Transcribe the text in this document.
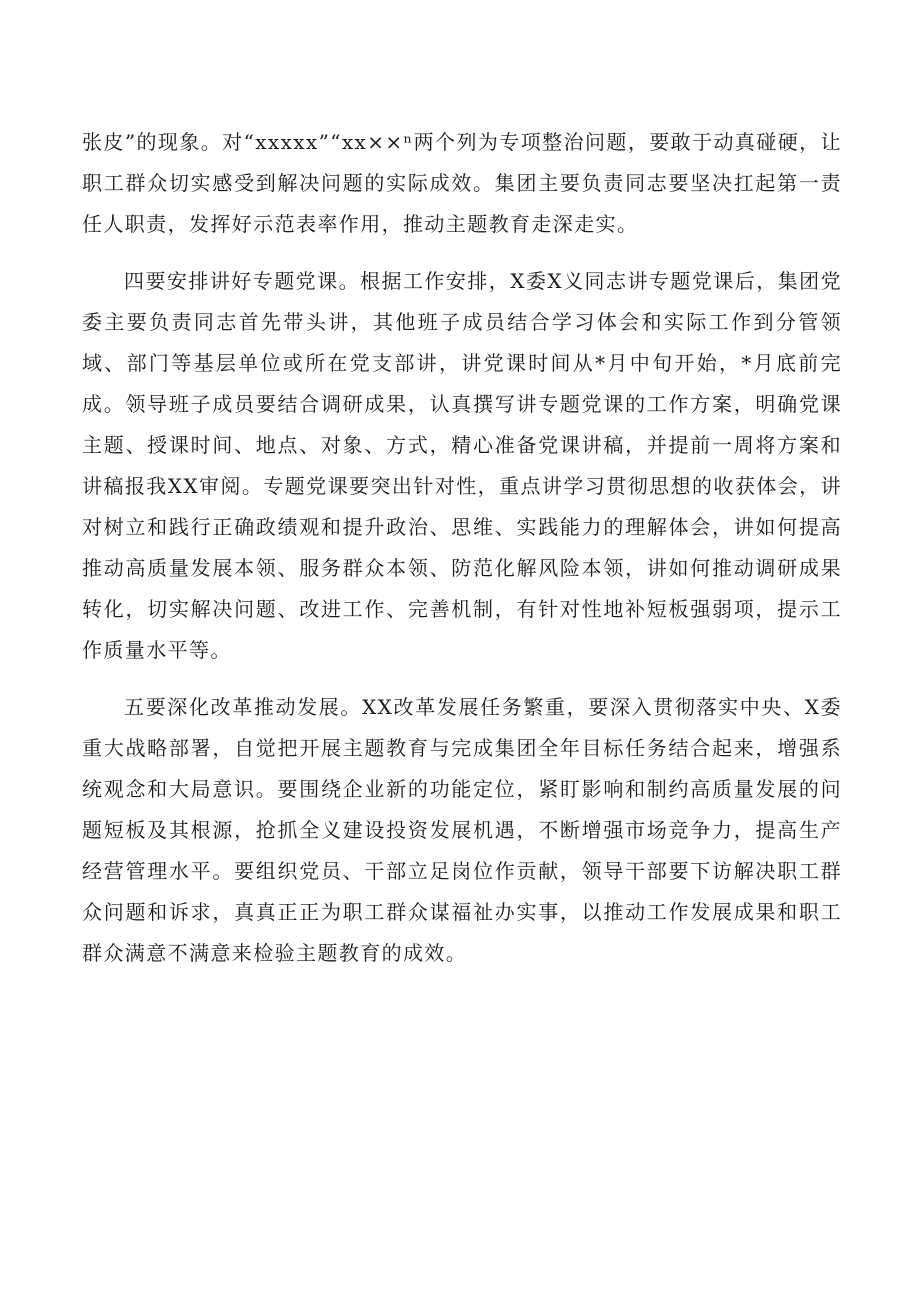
张皮”的现象。对“xxxxx”“xx××ⁿ两个列为专项整治问题，要敢于动真碰硬，让职工群众切实感受到解决问题的实际成效。集团主要负责同志要坚决扛起第一责任人职责，发挥好示范表率作用，推动主题教育走深走实。

四要安排讲好专题党课。根据工作安排，X委X义同志讲专题党课后，集团党委主要负责同志首先带头讲，其他班子成员结合学习体会和实际工作到分管领域、部门等基层单位或所在党支部讲，讲党课时间从*月中旬开始，*月底前完成。领导班子成员要结合调研成果，认真撰写讲专题党课的工作方案，明确党课主题、授课时间、地点、对象、方式，精心准备党课讲稿，并提前一周将方案和讲稿报我XX审阅。专题党课要突出针对性，重点讲学习贯彻思想的收获体会，讲对树立和践行正确政绩观和提升政治、思维、实践能力的理解体会，讲如何提高推动高质量发展本领、服务群众本领、防范化解风险本领，讲如何推动调研成果转化，切实解决问题、改进工作、完善机制，有针对性地补短板强弱项，提示工作质量水平等。

五要深化改革推动发展。XX改革发展任务繁重，要深入贯彻落实中央、X委重大战略部署，自觉把开展主题教育与完成集团全年目标任务结合起来，增强系统观念和大局意识。要围绕企业新的功能定位，紧盯影响和制约高质量发展的问题短板及其根源，抢抓全义建设投资发展机遇，不断增强市场竞争力，提高生产经营管理水平。要组织党员、干部立足岗位作贡献，领导干部要下访解决职工群众问题和诉求，真真正正为职工群众谋福祉办实事，以推动工作发展成果和职工群众满意不满意来检验主题教育的成效。
